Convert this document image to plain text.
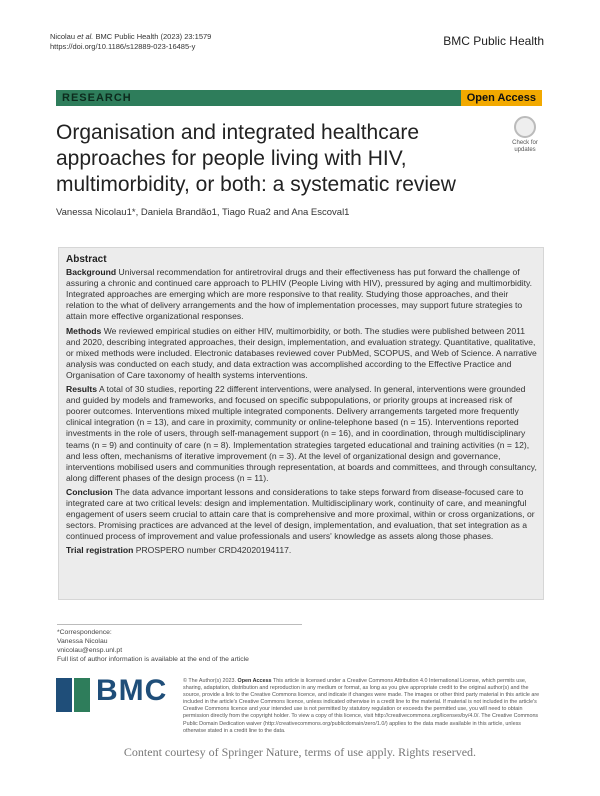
Nicolau et al. BMC Public Health (2023) 23:1579
https://doi.org/10.1186/s12889-023-16485-y	BMC Public Health
RESEARCH	Open Access
Organisation and integrated healthcare approaches for people living with HIV, multimorbidity, or both: a systematic review
Check for
updates
Vanessa Nicolau1*, Daniela Brandão1, Tiago Rua2 and Ana Escoval1
Abstract

Background Universal recommendation for antiretroviral drugs and their effectiveness has put forward the challenge of assuring a chronic and continued care approach to PLHIV (People Living with HIV), pressured by aging and multimorbidity. Integrated approaches are emerging which are more responsive to that reality. Studying those approaches, and their relation to the what of delivery arrangements and the how of implementation processes, may support future strategies to attain more effective organizational responses.

Methods We reviewed empirical studies on either HIV, multimorbidity, or both. The studies were published between 2011 and 2020, describing integrated approaches, their design, implementation, and evaluation strategy. Quantitative, qualitative, or mixed methods were included. Electronic databases reviewed cover PubMed, SCOPUS, and Web of Science. A narrative analysis was conducted on each study, and data extraction was accomplished according to the Effective Practice and Organisation of Care taxonomy of health systems interventions.

Results A total of 30 studies, reporting 22 different interventions, were analysed. In general, interventions were grounded and guided by models and frameworks, and focused on specific subpopulations, or priority groups at increased risk of poorer outcomes. Interventions mixed multiple integrated components. Delivery arrangements targeted more frequently clinical integration (n = 13), and care in proximity, community or online-telephone based (n = 15). Interventions reported investments in the role of users, through self-management support (n = 16), and in coordination, through multidisciplinary teams (n = 9) and continuity of care (n = 8). Implementation strategies targeted educational and training activities (n = 12), and less often, mechanisms of iterative improvement (n = 3). At the level of organizational design and governance, interventions mobilised users and communities through representation, at boards and committees, and through consultancy, along different phases of the design process (n = 11).

Conclusion The data advance important lessons and considerations to take steps forward from disease-focused care to integrated care at two critical levels: design and implementation. Multidisciplinary work, continuity of care, and meaningful engagement of users seem crucial to attain care that is comprehensive and more proximal, within or cross organizations, or sectors. Promising practices are advanced at the level of design, implementation, and evaluation, that set integration as a continued process of improvement and value professionals and users' knowledge as assets along those phases.

Trial registration PROSPERO number CRD42020194117.

*Correspondence:
Vanessa Nicolau
vnicolau@ensp.unl.pt
Full list of author information is available at the end of the article
BMC	© The Author(s) 2023. Open Access This article is licensed under a Creative Commons Attribution 4.0 International License, which permits use, sharing, adaptation, distribution and reproduction in any medium or format, as long as you give appropriate credit to the original author(s) and the source, provide a link to the Creative Commons licence, and indicate if changes were made. The images or other third party material in this article are included in the article's Creative Commons licence, unless indicated otherwise in a credit line to the material. If material is not included in the article's Creative Commons licence and your intended use is not permitted by statutory regulation or exceeds the permitted use, you will need to obtain permission directly from the copyright holder. To view a copy of this licence, visit http://creativecommons.org/licenses/by/4.0/. The Creative Commons Public Domain Dedication waiver (http://creativecommons.org/publicdomain/zero/1.0/) applies to the data made available in this article, unless otherwise stated in a credit line to the data.
Content courtesy of Springer Nature, terms of use apply. Rights reserved.
